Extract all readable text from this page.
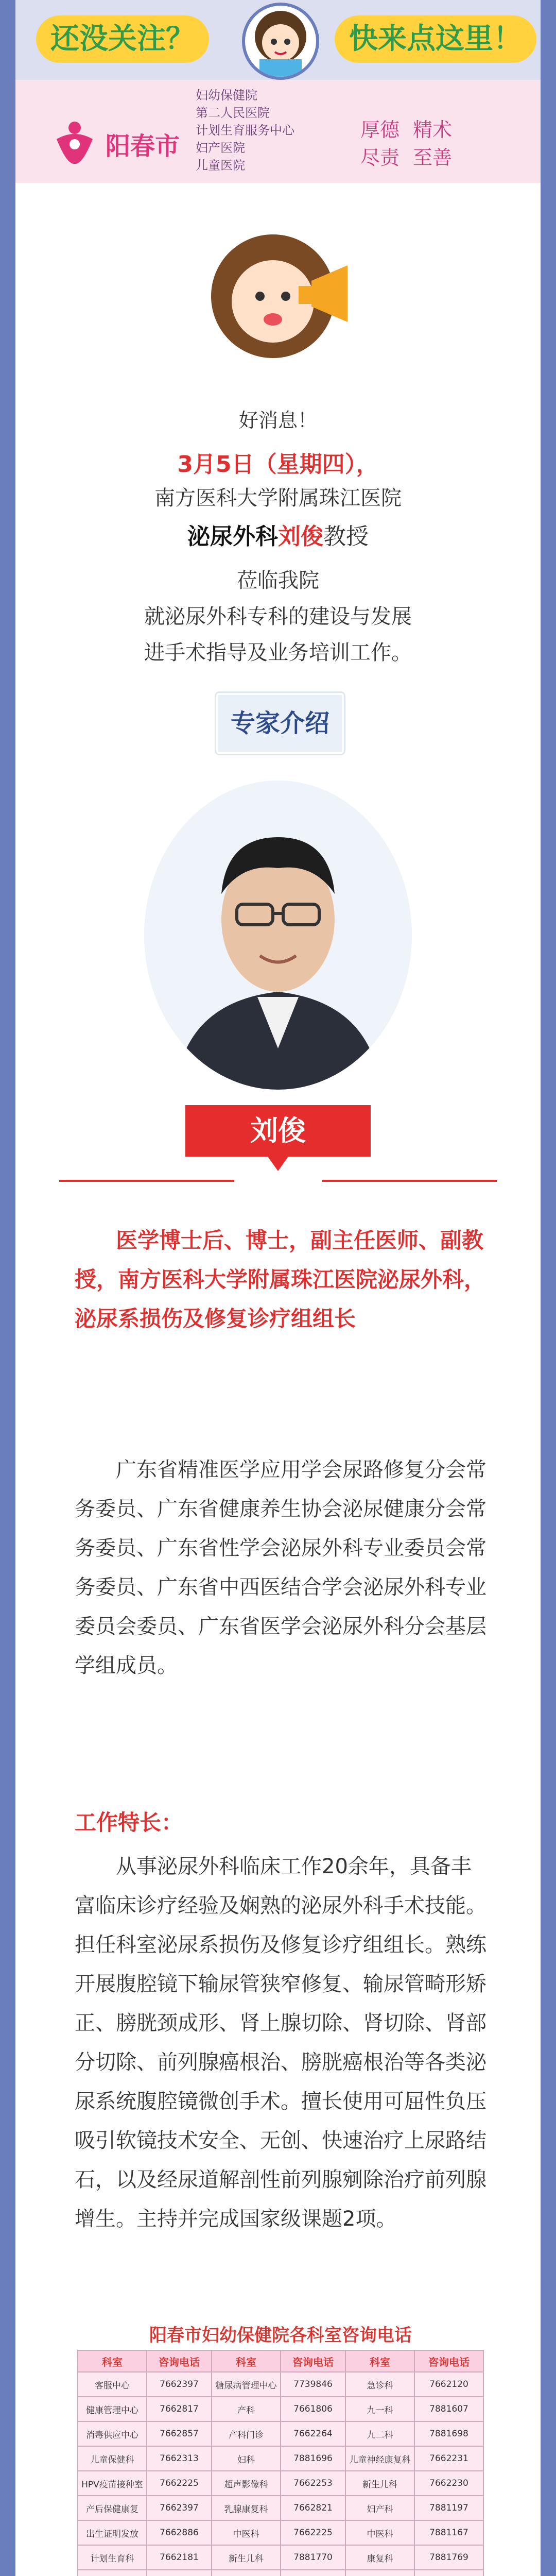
还没关注？	快来点这里！
阳春市
妇幼保健院
第二人民医院
计划生育服务中心
妇产医院
儿童医院
厚德 精术
尽责 至善
好消息！
3月5日（星期四），
南方医科大学附属珠江医院
泌尿外科刘俊教授
莅临我院
就泌尿外科专科的建设与发展
进手术指导及业务培训工作。
专家介绍
刘俊
医学博士后、博士，副主任医师、副教授，南方医科大学附属珠江医院泌尿外科，泌尿系损伤及修复诊疗组组长
广东省精准医学应用学会尿路修复分会常务委员、广东省健康养生协会泌尿健康分会常务委员、广东省性学会泌尿外科专业委员会常务委员、广东省中西医结合学会泌尿外科专业委员会委员、广东省医学会泌尿外科分会基层学组成员。
工作特长：
从事泌尿外科临床工作20余年，具备丰富临床诊疗经验及娴熟的泌尿外科手术技能。担任科室泌尿系损伤及修复诊疗组组长。熟练开展腹腔镜下输尿管狭窄修复、输尿管畸形矫正、膀胱颈成形、肾上腺切除、肾切除、肾部分切除、前列腺癌根治、膀胱癌根治等各类泌尿系统腹腔镜微创手术。擅长使用可屈性负压吸引软镜技术安全、无创、快速治疗上尿路结石，以及经尿道解剖性前列腺剜除治疗前列腺增生。主持并完成国家级课题2项。
阳春市妇幼保健院各科室咨询电话
科室	咨询电话	科室	咨询电话	科室	咨询电话
客服中心	7662397	糖尿病管理中心	7739846	急诊科	7662120
健康管理中心	7662817	产科	7661806	九一科	7881607
消毒供应中心	7662857	产科门诊	7662264	九二科	7881698
儿童保健科	7662313	妇科	7881696	儿童神经康复科	7662231
HPV疫苗接种室	7662225	超声影像科	7662253	新生儿科	7662230
产后保健康复	7662397	乳腺康复科	7662821	妇产科	7881197
出生证明发放	7662886	中医科	7662225	中医科	7881167
计划生育科	7662181	新生儿科	7881770	康复科	7881769
